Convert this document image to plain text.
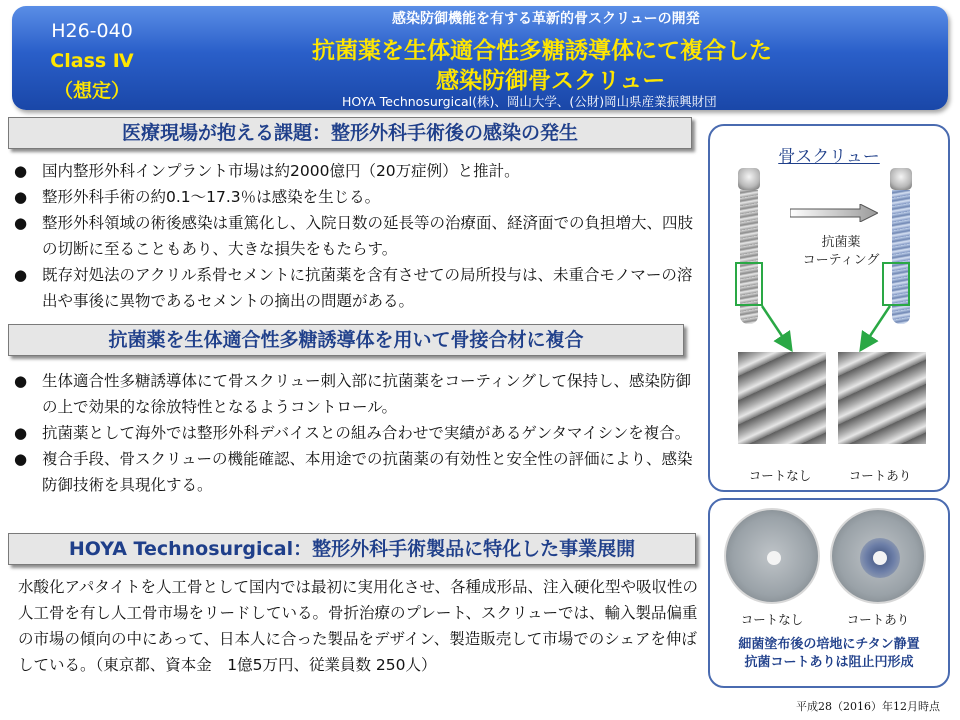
H26-040
Class Ⅳ
（想定）
感染防御機能を有する革新的骨スクリューの開発
抗菌薬を生体適合性多糖誘導体にて複合した
感染防御骨スクリュー
HOYA Technosurgical(株)、岡山大学、(公財)岡山県産業振興財団
医療現場が抱える課題：整形外科手術後の感染の発生
● 国内整形外科インプラント市場は約2000億円（20万症例）と推計。
● 整形外科手術の約0.1～17.3％は感染を生じる。
● 整形外科領域の術後感染は重篤化し、入院日数の延長等の治療面、経済面での負担増大、四肢の切断に至ることもあり、大きな損失をもたらす。
● 既存対処法のアクリル系骨セメントに抗菌薬を含有させての局所投与は、未重合モノマーの溶出や事後に異物であるセメントの摘出の問題がある。
抗菌薬を生体適合性多糖誘導体を用いて骨接合材に複合
● 生体適合性多糖誘導体にて骨スクリュー刺入部に抗菌薬をコーティングして保持し、感染防御の上で効果的な徐放特性となるようコントロール。
● 抗菌薬として海外では整形外科デバイスとの組み合わせで実績があるゲンタマイシンを複合。
● 複合手段、骨スクリューの機能確認、本用途での抗菌薬の有効性と安全性の評価により、感染防御技術を具現化する。
HOYA Technosurgical：整形外科手術製品に特化した事業展開
水酸化アパタイトを人工骨として国内では最初に実用化させ、各種成形品、注入硬化型や吸収性の人工骨を有し人工骨市場をリードしている。骨折治療のプレート、スクリューでは、輸入製品偏重の市場の傾向の中にあって、日本人に合った製品をデザイン、製造販売して市場でのシェアを伸ばしている。（東京都、資本金　1億5万円、従業員数 250人）
骨スクリュー
抗菌薬
コーティング
コートなし	コートあり
コートなし	コートあり
細菌塗布後の培地にチタン静置
抗菌コートありは阻止円形成
平成28（2016）年12月時点
